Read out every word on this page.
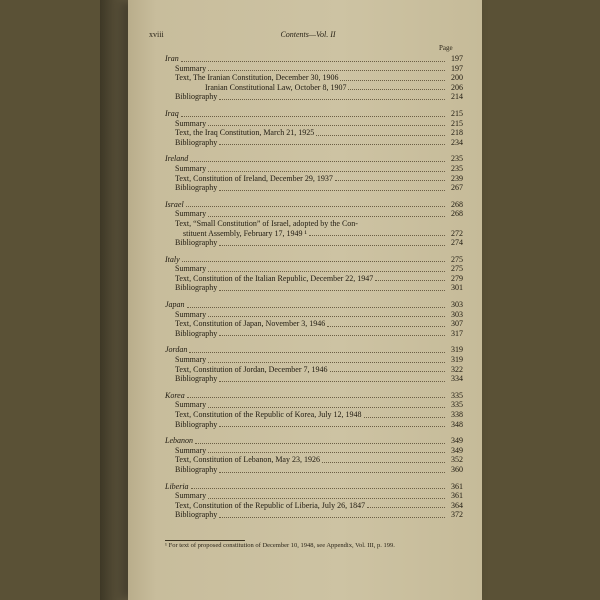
xviii	Contents—Vol. II
Page
Iran	197
Summary	197
Text, The Iranian Constitution, December 30, 1906	200
Iranian Constitutional Law, October 8, 1907	206
Bibliography	214
Iraq	215
Summary	215
Text, the Iraq Constitution, March 21, 1925	218
Bibliography	234
Ireland	235
Summary	235
Text, Constitution of Ireland, December 29, 1937	239
Bibliography	267
Israel	268
Summary	268
Text, “Small Constitution” of Israel, adopted by the Con-
stituent Assembly, February 17, 1949 ¹	272
Bibliography	274
Italy	275
Summary	275
Text, Constitution of the Italian Republic, December 22, 1947	279
Bibliography	301
Japan	303
Summary	303
Text, Constitution of Japan, November 3, 1946	307
Bibliography	317
Jordan	319
Summary	319
Text, Constitution of Jordan, December 7, 1946	322
Bibliography	334
Korea	335
Summary	335
Text, Constitution of the Republic of Korea, July 12, 1948	338
Bibliography	348
Lebanon	349
Summary	349
Text, Constitution of Lebanon, May 23, 1926	352
Bibliography	360
Liberia	361
Summary	361
Text, Constitution of the Republic of Liberia, July 26, 1847	364
Bibliography	372
¹ For text of proposed constitution of December 10, 1948, see Appendix, Vol. III, p. 199.
